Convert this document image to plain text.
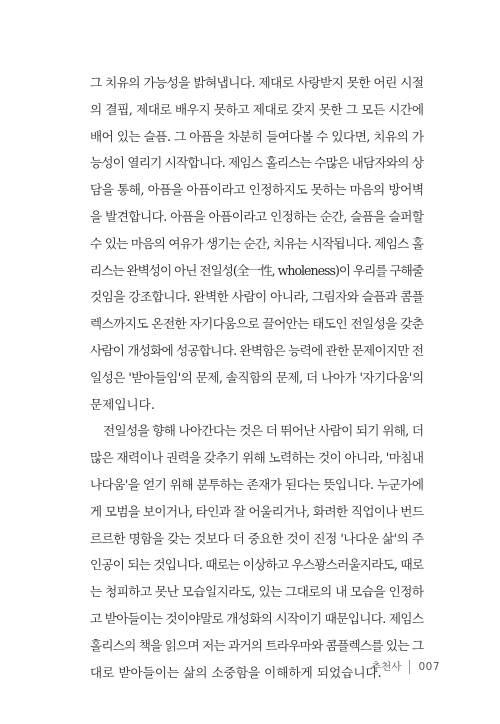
그 치유의 가능성을 밝혀냅니다. 제대로 사랑받지 못한 어린 시절
의 결핍, 제대로 배우지 못하고 제대로 갖지 못한 그 모든 시간에
배어 있는 슬픔. 그 아픔을 차분히 들여다볼 수 있다면, 치유의 가
능성이 열리기 시작합니다. 제임스 홀리스는 수많은 내담자와의 상
담을 통해, 아픔을 아픔이라고 인정하지도 못하는 마음의 방어벽
을 발견합니다. 아픔을 아픔이라고 인정하는 순간, 슬픔을 슬퍼할
수 있는 마음의 여유가 생기는 순간, 치유는 시작됩니다. 제임스 홀
리스는 완벽성이 아닌 전일성(全一性, wholeness)이 우리를 구해줄
것임을 강조합니다. 완벽한 사람이 아니라, 그림자와 슬픔과 콤플
렉스까지도 온전한 자기다움으로 끌어안는 태도인 전일성을 갖춘
사람이 개성화에 성공합니다. 완벽함은 능력에 관한 문제이지만 전
일성은 '받아들임'의 문제, 솔직함의 문제, 더 나아가 '자기다움'의
문제입니다.
전일성을 향해 나아간다는 것은 더 뛰어난 사람이 되기 위해, 더
많은 재력이나 권력을 갖추기 위해 노력하는 것이 아니라, '마침내
나다움'을 얻기 위해 분투하는 존재가 된다는 뜻입니다. 누군가에
게 모범을 보이거나, 타인과 잘 어울리거나, 화려한 직업이나 번드
르르한 명함을 갖는 것보다 더 중요한 것이 진정 '나다운 삶'의 주
인공이 되는 것입니다. 때로는 이상하고 우스꽝스러울지라도, 때로
는 청피하고 못난 모습일지라도, 있는 그대로의 내 모습을 인정하
고 받아들이는 것이야말로 개성화의 시작이기 때문입니다. 제임스
홀리스의 책을 읽으며 저는 과거의 트라우마와 콤플렉스를 있는 그
대로 받아들이는 삶의 소중함을 이해하게 되었습니다.
추천사 007
